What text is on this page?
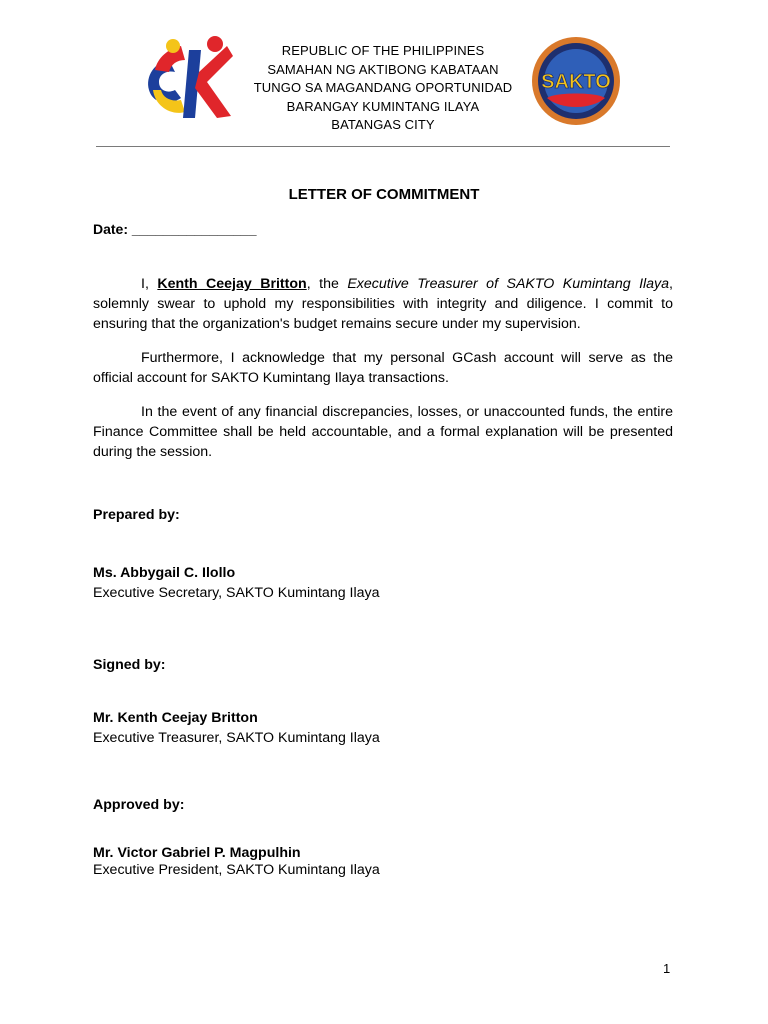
REPUBLIC OF THE PHILIPPINES
SAMAHAN NG AKTIBONG KABATAAN
TUNGO SA MAGANDANG OPORTUNIDAD
BARANGAY KUMINTANG ILAYA
BATANGAS CITY
SAKTO
LETTER OF COMMITMENT
Date: ________________

I, Kenth Ceejay Britton, the Executive Treasurer of SAKTO Kumintang Ilaya, solemnly swear to uphold my responsibilities with integrity and diligence. I commit to ensuring that the organization's budget remains secure under my supervision.

Furthermore, I acknowledge that my personal GCash account will serve as the official account for SAKTO Kumintang Ilaya transactions.

In the event of any financial discrepancies, losses, or unaccounted funds, the entire Finance Committee shall be held accountable, and a formal explanation will be presented during the session.

Prepared by:
Ms. Abbygail C. Ilollo
Executive Secretary, SAKTO Kumintang Ilaya
Signed by:
Mr. Kenth Ceejay Britton
Executive Treasurer, SAKTO Kumintang Ilaya
Approved by:
Mr. Victor Gabriel P. Magpulhin
Executive President, SAKTO Kumintang Ilaya
1
